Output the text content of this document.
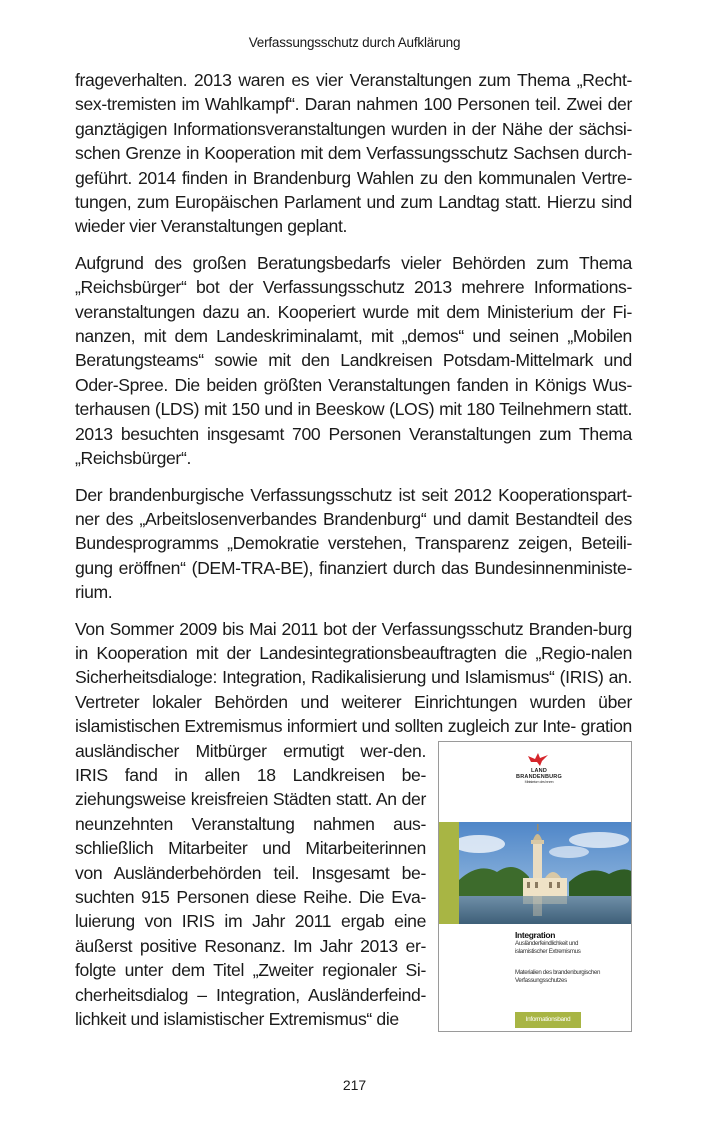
Verfassungsschutz durch Aufklärung

frageverhalten. 2013 waren es vier Veranstaltungen zum Thema „Recht-sex-tremisten im Wahlkampf“. Daran nahmen 100 Personen teil. Zwei der ganztägigen Informationsveranstaltungen wurden in der Nähe der sächsi-schen Grenze in Kooperation mit dem Verfassungsschutz Sachsen durch-geführt. 2014 finden in Brandenburg Wahlen zu den kommunalen Vertre-tungen, zum Europäischen Parlament und zum Landtag statt. Hierzu sind wieder vier Veranstaltungen geplant.

Aufgrund des großen Beratungsbedarfs vieler Behörden zum Thema „Reichsbürger“ bot der Verfassungsschutz 2013 mehrere Informations-veranstaltungen dazu an. Kooperiert wurde mit dem Ministerium der Fi-nanzen, mit dem Landeskriminalamt, mit „demos“ und seinen „Mobilen Beratungsteams“ sowie mit den Landkreisen Potsdam-Mittelmark und Oder-Spree. Die beiden größten Veranstaltungen fanden in Königs Wus-terhausen (LDS) mit 150 und in Beeskow (LOS) mit 180 Teilnehmern statt. 2013 besuchten insgesamt 700 Personen Veranstaltungen zum Thema „Reichsbürger“.

Der brandenburgische Verfassungsschutz ist seit 2012 Kooperationspart-ner des „Arbeitslosenverbandes Brandenburg“ und damit Bestandteil des Bundesprogramms „Demokratie verstehen, Transparenz zeigen, Beteili-gung eröffnen“ (DEM-TRA-BE), finanziert durch das Bundesinnenministe-rium.

Von Sommer 2009 bis Mai 2011 bot der Verfassungsschutz Branden-burg in Kooperation mit der Landesintegrationsbeauftragten die „Regio-nalen Sicherheitsdialoge: Integration, Radikalisierung und Islamismus“ (IRIS) an. Vertreter lokaler Behörden und weiterer Einrichtungen wurden über islamistischen Extremismus informiert und sollten zugleich zur Inte-
LAND
BRANDENBURG
Ministerium des Innern
Integration
Ausländerfeindlichkeit und
islamistischer Extremismus
Materialien des brandenburgischen
Verfassungsschutzes
Informationsband
gration ausländischer Mitbürger ermutigt wer-den. IRIS fand in allen 18 Landkreisen be-ziehungsweise kreisfreien Städten statt. An der neunzehnten Veranstaltung nahmen aus-schließlich Mitarbeiter und Mitarbeiterinnen von Ausländerbehörden teil. Insgesamt be-suchten 915 Personen diese Reihe. Die Eva-luierung von IRIS im Jahr 2011 ergab eine äußerst positive Resonanz. Im Jahr 2013 er-folgte unter dem Titel „Zweiter regionaler Si-cherheitsdialog – Integration, Ausländerfeind-lichkeit und islamistischer Extremismus“ die

217
